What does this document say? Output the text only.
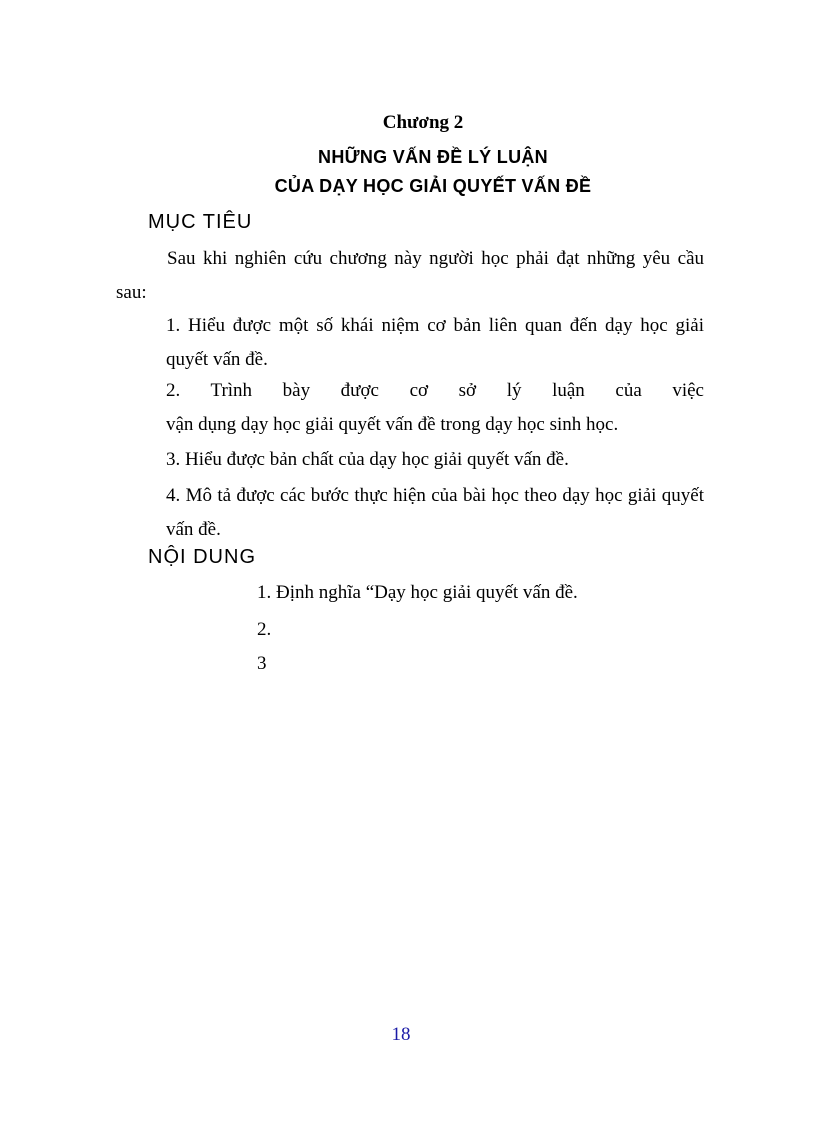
Chương 2
NHỮNG VẤN ĐỀ LÝ LUẬN
CỦA DẠY HỌC GIẢI QUYẾT VẤN ĐỀ
MỤC TIÊU
Sau khi nghiên cứu chương này người học phải đạt những yêu cầu sau:
1. Hiểu được một số khái niệm cơ bản liên quan đến dạy học giải quyết vấn đề.
2. Trình bày được cơ sở lý luận của việc
vận dụng dạy học giải quyết vấn đề trong dạy học sinh học.
3. Hiểu được bản chất của dạy học giải quyết vấn đề.
4. Mô tả được các bước thực hiện của bài học theo dạy học giải quyết vấn đề.
NỘI DUNG
1. Định nghĩa “Dạy học giải quyết vấn đề.
2.
3
18
